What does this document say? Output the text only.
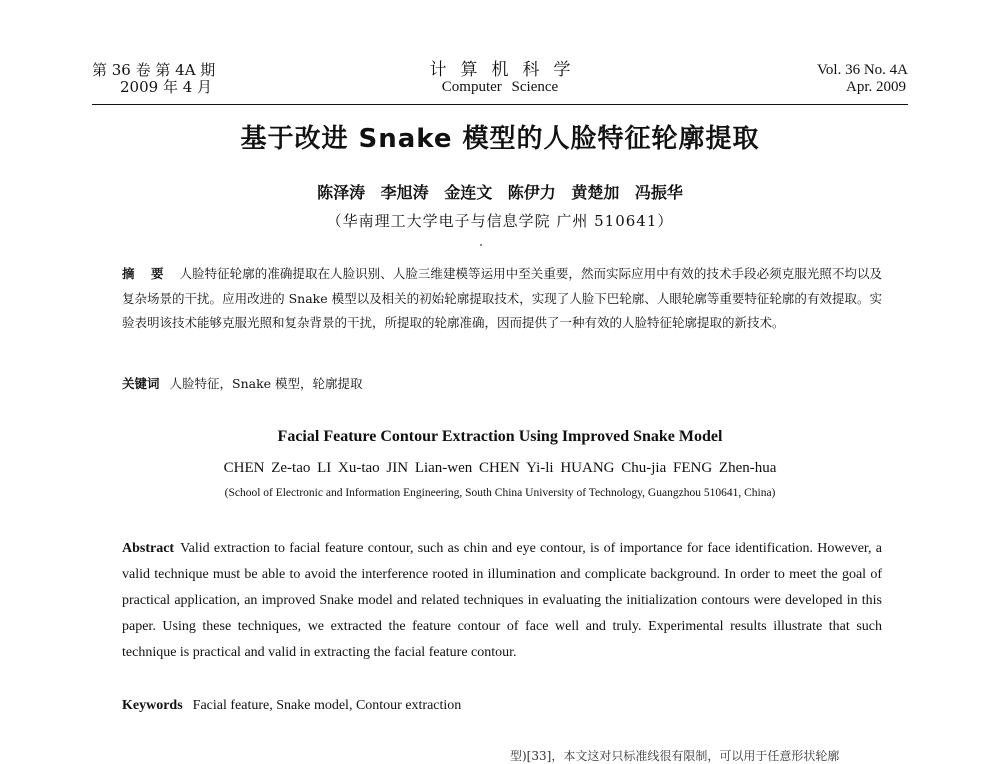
第 36 卷 第 4A 期
2009 年 4 月
计算机科学
Computer Science
Vol. 36 No. 4A
Apr. 2009
基于改进 Snake 模型的人脸特征轮廓提取
陈泽涛 李旭涛 金连文 陈伊力 黄楚加 冯振华
（华南理工大学电子与信息学院 广州 510641）
摘 要 人脸特征轮廓的准确提取在人脸识别、人脸三维建模等运用中至关重要，然而实际应用中有效的技术手段必须克服光照不均以及复杂场景的干扰。应用改进的 Snake 模型以及相关的初始轮廓提取技术，实现了人脸下巴轮廓、人眼轮廓等重要特征轮廓的有效提取。实验表明该技术能够克服光照和复杂背景的干扰，所提取的轮廓准确，因而提供了一种有效的人脸特征轮廓提取的新技术。
关键词 人脸特征，Snake 模型，轮廓提取
Facial Feature Contour Extraction Using Improved Snake Model
CHEN Ze-tao LI Xu-tao JIN Lian-wen CHEN Yi-li HUANG Chu-jia FENG Zhen-hua
(School of Electronic and Information Engineering, South China University of Technology, Guangzhou 510641, China)
Abstract Valid extraction to facial feature contour, such as chin and eye contour, is of importance for face identification. However, a valid technique must be able to avoid the interference rooted in illumination and complicate background. In order to meet the goal of practical application, an improved Snake model and related techniques in evaluating the initialization contours were developed in this paper. Using these techniques, we extracted the feature contour of face well and truly. Experimental results illustrate that such technique is practical and valid in extracting the facial feature contour.
Keywords Facial feature, Snake model, Contour extraction
型)[33]，本文这对只标准线很有限制，可以用于任意形状轮廓
